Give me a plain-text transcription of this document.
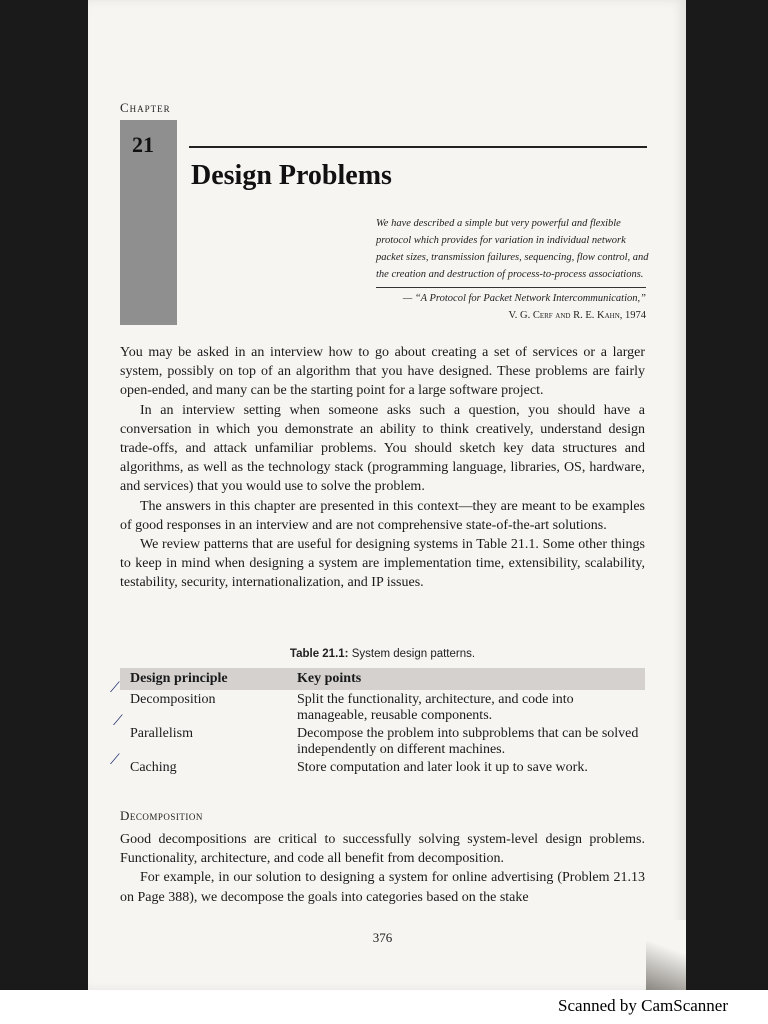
Chapter
21
Design Problems
We have described a simple but very powerful and flexible protocol which provides for variation in individual network packet sizes, transmission failures, sequencing, flow control, and the creation and destruction of process-to-process associations.
— “A Protocol for Packet Network Intercommunication,”
V. G. Cerf and R. E. Kahn, 1974

You may be asked in an interview how to go about creating a set of services or a larger system, possibly on top of an algorithm that you have designed. These problems are fairly open-ended, and many can be the starting point for a large software project.

In an interview setting when someone asks such a question, you should have a conversation in which you demonstrate an ability to think creatively, understand design trade-offs, and attack unfamiliar problems. You should sketch key data structures and algorithms, as well as the technology stack (programming language, libraries, OS, hardware, and services) that you would use to solve the problem.

The answers in this chapter are presented in this context—they are meant to be examples of good responses in an interview and are not comprehensive state-of-the-art solutions.

We review patterns that are useful for designing systems in Table 21.1. Some other things to keep in mind when designing a system are implementation time, extensibility, scalability, testability, security, internationalization, and IP issues.

Table 21.1: System design patterns.
Design principle	Key points
Decomposition	Split the functionality, architecture, and code into manageable, reusable components.
Parallelism	Decompose the problem into subproblems that can be solved independently on different machines.
Caching	Store computation and later look it up to save work.
⟋
⟋
⟋
Decomposition

Good decompositions are critical to successfully solving system-level design problems. Functionality, architecture, and code all benefit from decomposition.

For example, in our solution to designing a system for online advertising (Problem 21.13 on Page 388), we decompose the goals into categories based on the stake

376
Scanned by CamScanner
